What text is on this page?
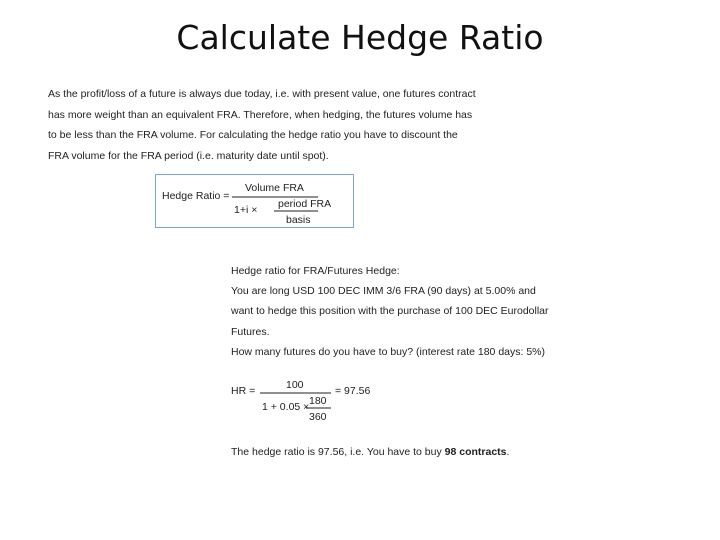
Calculate Hedge Ratio
As the profit/loss of a future is always due today, i.e. with present value, one futures contract
has more weight than an equivalent FRA. Therefore, when hedging, the futures volume has
to be less than the FRA volume. For calculating the hedge ratio you have to discount the
FRA volume for the FRA period (i.e. maturity date until spot).
Hedge Ratio =
Volume FRA
1+i × period FRA
basis
Hedge ratio for FRA/Futures Hedge:
You are long USD 100 DEC IMM 3/6 FRA (90 days) at 5.00% and
want to hedge this position with the purchase of 100 DEC Eurodollar
Futures.
How many futures do you have to buy? (interest rate 180 days: 5%)
HR =	100
1 + 0.05 × 180
360
= 97.56
The hedge ratio is 97.56, i.e. You have to buy 98 contracts.
